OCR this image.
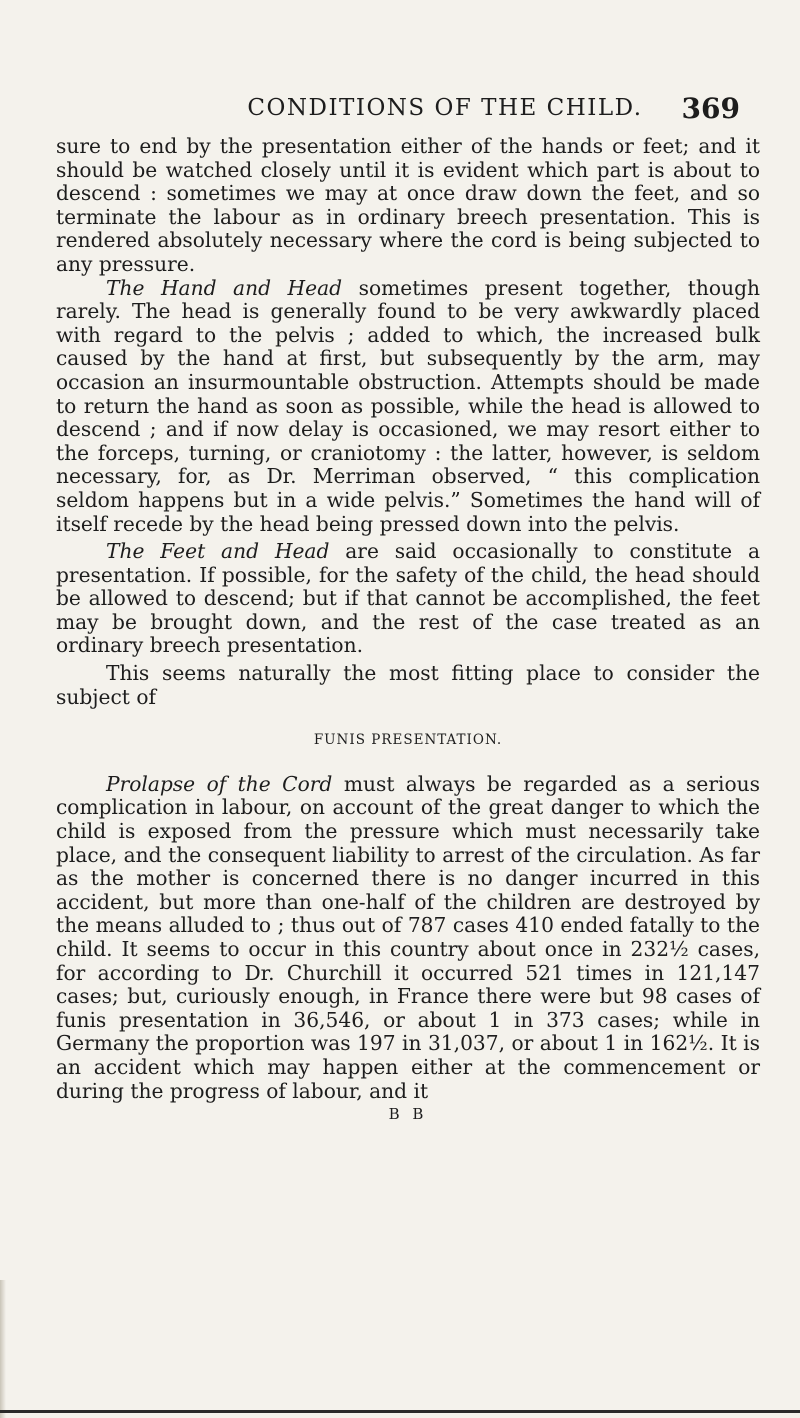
CONDITIONS OF THE CHILD.	369

sure to end by the presentation either of the hands or feet; and it should be watched closely until it is evident which part is about to descend : sometimes we may at once draw down the feet, and so terminate the labour as in ordinary breech presentation. This is rendered absolutely necessary where the cord is being subjected to any pressure.

The Hand and Head sometimes present together, though rarely. The head is generally found to be very awkwardly placed with regard to the pelvis ; added to which, the increased bulk caused by the hand at first, but subsequently by the arm, may occasion an insurmountable obstruction. Attempts should be made to return the hand as soon as possible, while the head is allowed to descend ; and if now delay is occasioned, we may resort either to the forceps, turning, or craniotomy : the latter, however, is seldom necessary, for, as Dr. Merriman observed, “ this complication seldom happens but in a wide pelvis.” Sometimes the hand will of itself recede by the head being pressed down into the pelvis.

The Feet and Head are said occasionally to constitute a presentation. If possible, for the safety of the child, the head should be allowed to descend; but if that cannot be accomplished, the feet may be brought down, and the rest of the case treated as an ordinary breech presentation.

This seems naturally the most fitting place to consider the subject of

FUNIS PRESENTATION.

Prolapse of the Cord must always be regarded as a serious complication in labour, on account of the great danger to which the child is exposed from the pressure which must necessarily take place, and the consequent liability to arrest of the circulation. As far as the mother is concerned there is no danger incurred in this accident, but more than one-half of the children are destroyed by the means alluded to ; thus out of 787 cases 410 ended fatally to the child. It seems to occur in this country about once in 232½ cases, for according to Dr. Churchill it occurred 521 times in 121,147 cases; but, curiously enough, in France there were but 98 cases of funis presentation in 36,546, or about 1 in 373 cases; while in Germany the proportion was 197 in 31,037, or about 1 in 162½. It is an accident which may happen either at the commencement or during the progress of labour, and it

B B
